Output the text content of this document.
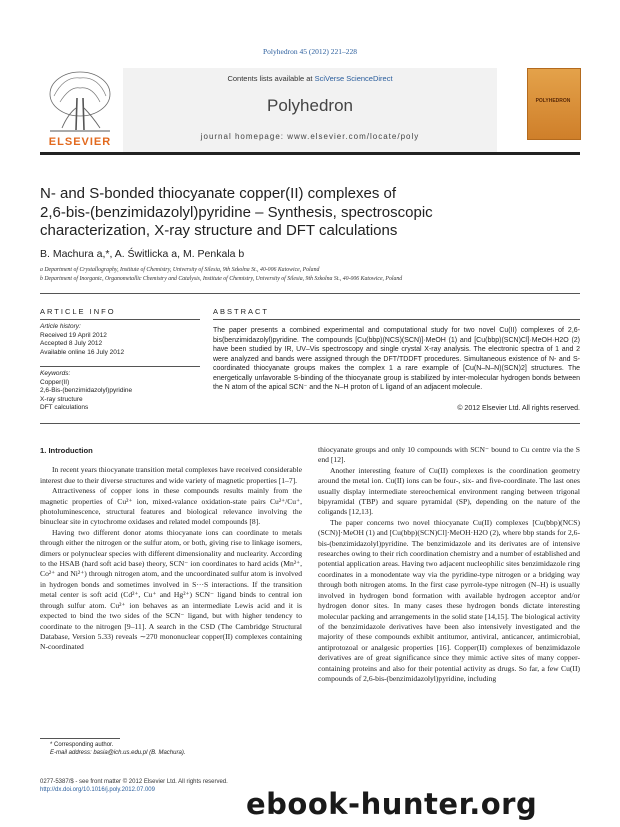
Polyhedron 45 (2012) 221–228
ELSEVIER
Contents lists available at SciVerse ScienceDirect
Polyhedron
journal homepage: www.elsevier.com/locate/poly
POLYHEDRON
N- and S-bonded thiocyanate copper(II) complexes of
2,6-bis-(benzimidazolyl)pyridine – Synthesis, spectroscopic
characterization, X-ray structure and DFT calculations
B. Machura a,*, A. Świtlicka a, M. Penkala b
a Department of Crystallography, Institute of Chemistry, University of Silesia, 9th Szkolna St., 40-006 Katowice, Poland
b Department of Inorganic, Organometallic Chemistry and Catalysis, Institute of Chemistry, University of Silesia, 9th Szkolna St., 40-006 Katowice, Poland
ARTICLE INFO
Article history:
Received 19 April 2012
Accepted 8 July 2012
Available online 16 July 2012
Keywords:
Copper(II)
2,6-Bis-(benzimidazolyl)pyridine
X-ray structure
DFT calculations
ABSTRACT
The paper presents a combined experimental and computational study for two novel Cu(II) complexes of 2,6-bis(benzimidazolyl)pyridine. The compounds [Cu(bbp)(NCS)(SCN)]·MeOH (1) and [Cu(bbp)(SCN)Cl]·MeOH·H2O (2) have been studied by IR, UV–Vis spectroscopy and single crystal X-ray analysis. The electronic spectra of 1 and 2 were analyzed and bands were assigned through the DFT/TDDFT procedures. Simultaneous existence of N- and S-coordinated thiocyanate groups makes the complex 1 a rare example of [Cu(N–N–N)(SCN)2] structures. The energetically unfavorable S-binding of the thiocyanate group is stabilized by inter-molecular hydrogen bonds between the N atom of the apical SCN⁻ and the N–H proton of L ligand of an adjacent molecule.
© 2012 Elsevier Ltd. All rights reserved.
1. Introduction

In recent years thiocyanate transition metal complexes have received considerable interest due to their diverse structures and wide variety of magnetic properties [1–7].

Attractiveness of copper ions in these compounds results mainly from the magnetic properties of Cu²⁺ ion, mixed-valance oxidation-state pairs Cu²⁺/Cu⁺, photoluminescence, structural features and biological relevance involving the binuclear site in cytochrome oxidases and related model compounds [8].

Having two different donor atoms thiocyanate ions can coordinate to metals through either the nitrogen or the sulfur atom, or both, giving rise to linkage isomers, dimers or polynuclear species with different dimensionality and nuclearity. According to the HSAB (hard soft acid base) theory, SCN⁻ ion coordinates to hard acids (Mn²⁺, Co²⁺ and Ni²⁺) through nitrogen atom, and the uncoordinated sulfur atom is involved in hydrogen bonds and sometimes involved in S···S interactions. If the transition metal center is soft acid (Cd²⁺, Cu⁺ and Hg²⁺) SCN⁻ ligand binds to central ion through sulfur atom. Cu²⁺ ion behaves as an intermediate Lewis acid and it is expected to bind the two sides of the SCN⁻ ligand, but with higher tendency to coordinate to the nitrogen [9–11]. A search in the CSD (The Cambridge Structural Database, Version 5.33) reveals ∼270 mononuclear copper(II) complexes containing N-coordinated

thiocyanate groups and only 10 compounds with SCN⁻ bound to Cu centre via the S end [12].

Another interesting feature of Cu(II) complexes is the coordination geometry around the metal ion. Cu(II) ions can be four-, six- and five-coordinate. The last ones usually display intermediate stereochemical environment ranging between trigonal bipyramidal (TBP) and square pyramidal (SP), depending on the nature of the coligands [12,13].

The paper concerns two novel thiocyanate Cu(II) complexes [Cu(bbp)(NCS)(SCN)]·MeOH (1) and [Cu(bbp)(SCN)Cl]·MeOH·H2O (2), where bbp stands for 2,6-bis-(benzimidazolyl)pyridine. The benzimidazole and its derivates are of intensive researches owing to their rich coordination chemistry and a number of established and potential application areas. Having two adjacent nucleophilic sites benzimidazole ring coordinates in a monodentate way via the pyridine-type nitrogen or a bridging way through both nitrogen atoms. In the first case pyrrole-type nitrogen (N–H) is usually involved in hydrogen bond formation with available hydrogen acceptor and/or hydrogen donor sites. In many cases these hydrogen bonds dictate interesting molecular packing and arrangements in the solid state [14,15]. The biological activity of the benzimidazole derivatives have been also intensively investigated and the majority of these compounds exhibit antitumor, antiviral, anticancer, antimicrobial, antiprotozoal or analgesic properties [16]. Copper(II) complexes of benzimidazole derivatives are of great significance since they mimic active sites of many copper-containing proteins and also for their potential activity as drugs. So far, a few Cu(II) compounds of 2,6-bis-(benzimidazolyl)pyridine, including

* Corresponding author.
E-mail address: basia@ich.us.edu.pl (B. Machura).
0277-5387/$ - see front matter © 2012 Elsevier Ltd. All rights reserved.
http://dx.doi.org/10.1016/j.poly.2012.07.009	ebook-hunter.org
